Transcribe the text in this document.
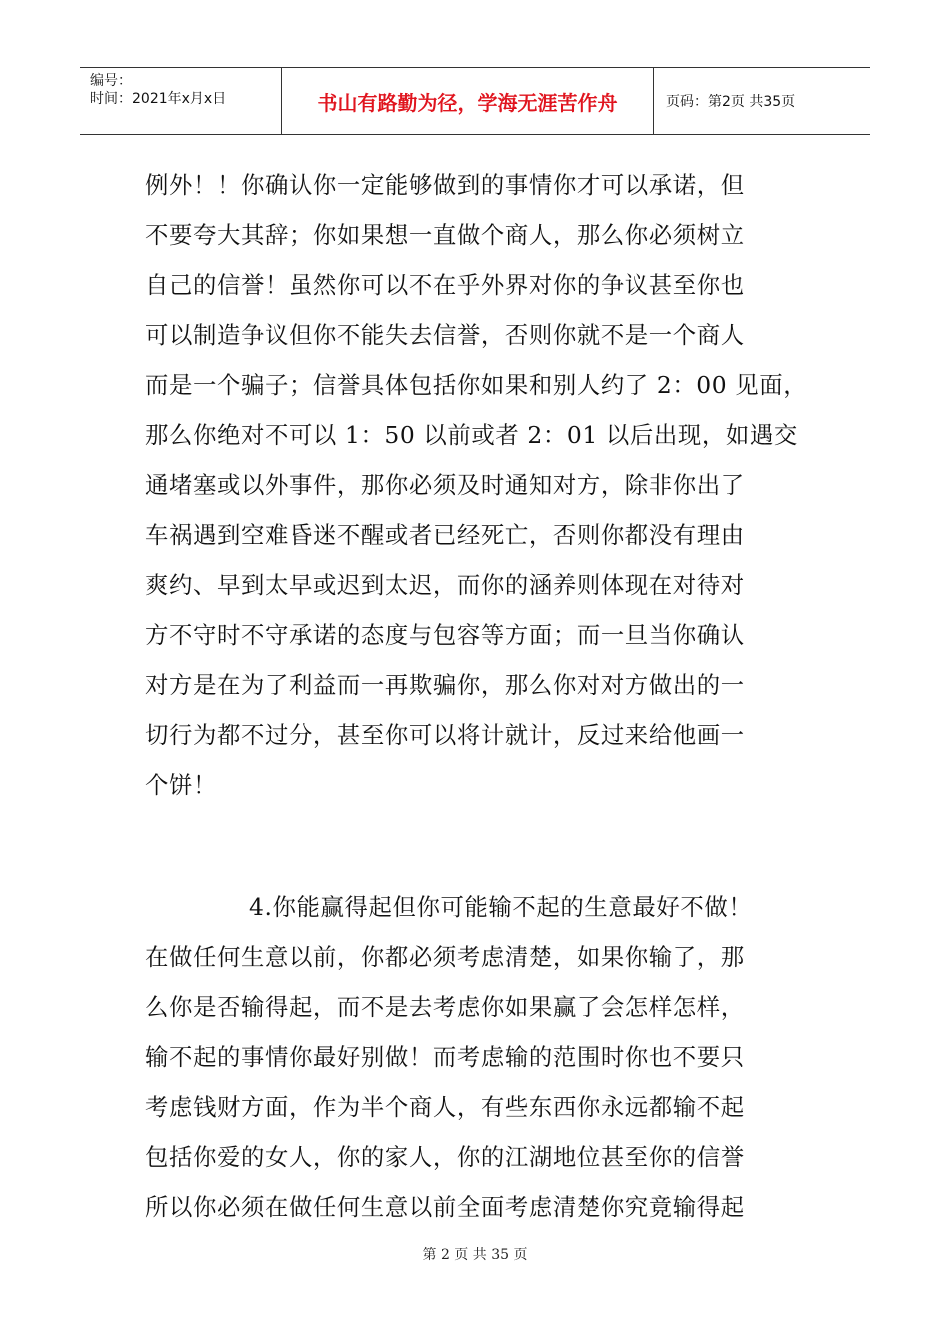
编号：
时间：2021年x月x日	书山有路勤为径，学海无涯苦作舟	页码：第2页 共35页
例外！！你确认你一定能够做到的事情你才可以承诺，但
不要夸大其辞；你如果想一直做个商人，那么你必须树立
自己的信誉！虽然你可以不在乎外界对你的争议甚至你也
可以制造争议但你不能失去信誉，否则你就不是一个商人
而是一个骗子；信誉具体包括你如果和别人约了 2：00 见面，
那么你绝对不可以 1：50 以前或者 2：01 以后出现，如遇交
通堵塞或以外事件，那你必须及时通知对方，除非你出了
车祸遇到空难昏迷不醒或者已经死亡，否则你都没有理由
爽约、早到太早或迟到太迟，而你的涵养则体现在对待对
方不守时不守承诺的态度与包容等方面；而一旦当你确认
对方是在为了利益而一再欺骗你，那么你对对方做出的一
切行为都不过分，甚至你可以将计就计，反过来给他画一
个饼！
4.你能赢得起但你可能输不起的生意最好不做！
在做任何生意以前，你都必须考虑清楚，如果你输了，那
么你是否输得起，而不是去考虑你如果赢了会怎样怎样，
输不起的事情你最好别做！而考虑输的范围时你也不要只
考虑钱财方面，作为半个商人，有些东西你永远都输不起
包括你爱的女人，你的家人，你的江湖地位甚至你的信誉
所以你必须在做任何生意以前全面考虑清楚你究竟输得起
第 2 页 共 35 页
